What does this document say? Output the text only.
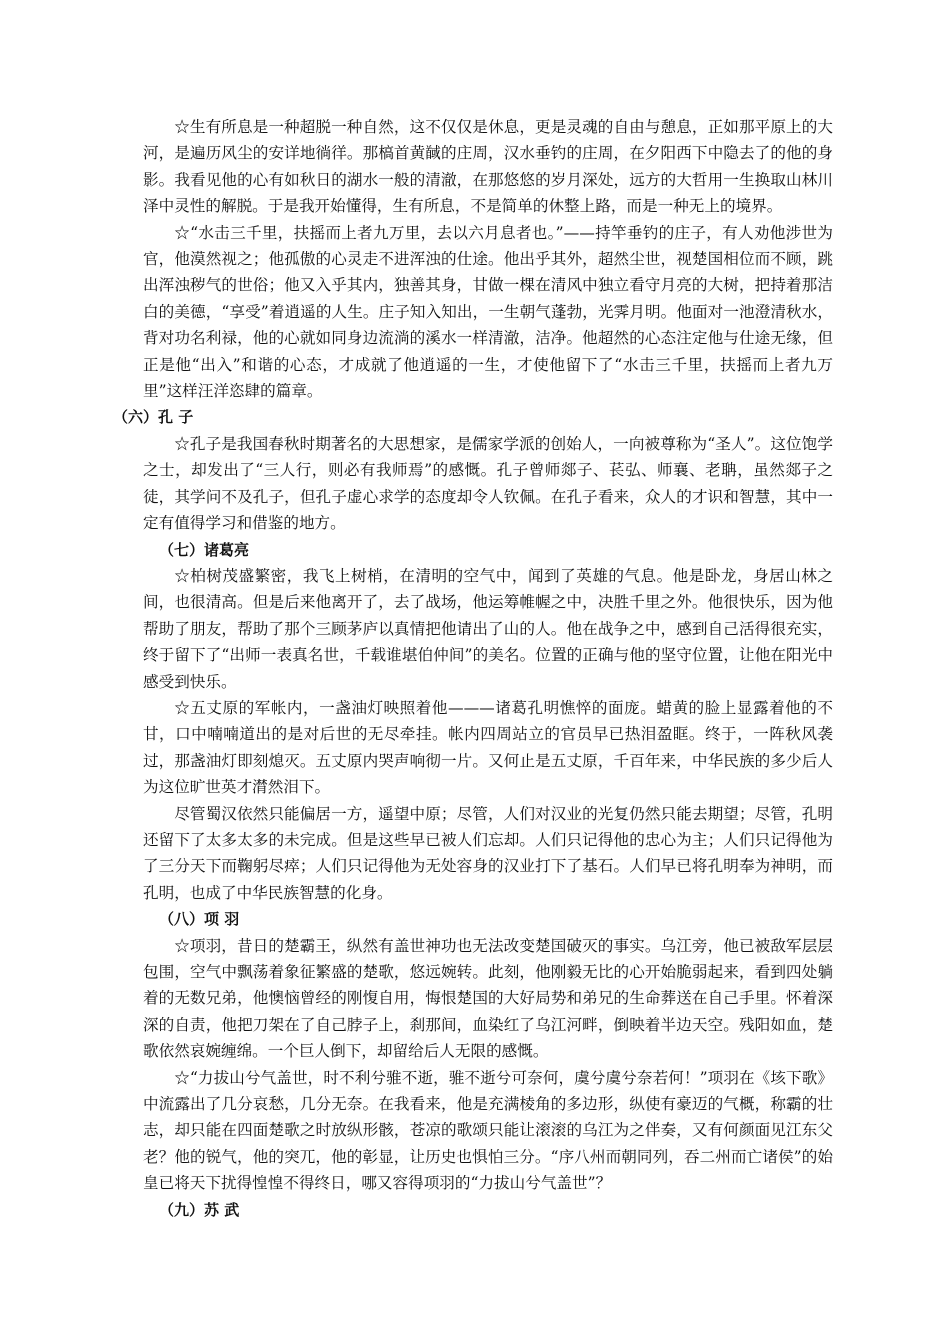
☆生有所息是一种超脱一种自然，这不仅仅是休息，更是灵魂的自由与憩息，正如那平原上的大河，是遍历风尘的安详地徜徉。那槁首黄馘的庄周，汉水垂钓的庄周，在夕阳西下中隐去了的他的身影。我看见他的心有如秋日的湖水一般的清澈，在那悠悠的岁月深处，远方的大哲用一生换取山林川泽中灵性的解脱。于是我开始懂得，生有所息，不是简单的休整上路，而是一种无上的境界。

☆“水击三千里，扶摇而上者九万里，去以六月息者也。”——持竿垂钓的庄子，有人劝他涉世为官，他漠然视之；他孤傲的心灵走不进浑浊的仕途。他出乎其外，超然尘世，视楚国相位而不顾，跳出浑浊秽气的世俗；他又入乎其内，独善其身，甘做一棵在清风中独立看守月亮的大树，把持着那洁白的美德，“享受”着逍遥的人生。庄子知入知出，一生朝气蓬勃，光霁月明。他面对一池澄清秋水，背对功名利禄，他的心就如同身边流淌的溪水一样清澈，洁净。他超然的心态注定他与仕途无缘，但正是他“出入”和谐的心态，才成就了他逍遥的一生，才使他留下了“水击三千里，扶摇而上者九万里”这样汪洋恣肆的篇章。

（六）孔 子

☆孔子是我国春秋时期著名的大思想家，是儒家学派的创始人，一向被尊称为“圣人”。这位饱学之士，却发出了“三人行，则必有我师焉”的感慨。孔子曾师郯子、苌弘、师襄、老聃，虽然郯子之徒，其学问不及孔子，但孔子虚心求学的态度却令人钦佩。在孔子看来，众人的才识和智慧，其中一定有值得学习和借鉴的地方。

（七）诸葛亮

☆柏树茂盛繁密，我飞上树梢，在清明的空气中，闻到了英雄的气息。他是卧龙，身居山林之间，也很清高。但是后来他离开了，去了战场，他运筹帷幄之中，决胜千里之外。他很快乐，因为他帮助了朋友，帮助了那个三顾茅庐以真情把他请出了山的人。他在战争之中，感到自己活得很充实，终于留下了“出师一表真名世，千载谁堪伯仲间”的美名。位置的正确与他的坚守位置，让他在阳光中感受到快乐。

☆五丈原的军帐内，一盏油灯映照着他———诸葛孔明憔悴的面庞。蜡黄的脸上显露着他的不甘，口中喃喃道出的是对后世的无尽牵挂。帐内四周站立的官员早已热泪盈眶。终于，一阵秋风袭过，那盏油灯即刻熄灭。五丈原内哭声响彻一片。又何止是五丈原，千百年来，中华民族的多少后人为这位旷世英才潸然泪下。

尽管蜀汉依然只能偏居一方，遥望中原；尽管，人们对汉业的光复仍然只能去期望；尽管，孔明还留下了太多太多的未完成。但是这些早已被人们忘却。人们只记得他的忠心为主；人们只记得他为了三分天下而鞠躬尽瘁；人们只记得他为无处容身的汉业打下了基石。人们早已将孔明奉为神明，而孔明，也成了中华民族智慧的化身。

（八）项 羽

☆项羽，昔日的楚霸王，纵然有盖世神功也无法改变楚国破灭的事实。乌江旁，他已被敌军层层包围，空气中飘荡着象征繁盛的楚歌，悠远婉转。此刻，他刚毅无比的心开始脆弱起来，看到四处躺着的无数兄弟，他懊恼曾经的刚愎自用，悔恨楚国的大好局势和弟兄的生命葬送在自己手里。怀着深深的自责，他把刀架在了自己脖子上，刹那间，血染红了乌江河畔，倒映着半边天空。残阳如血，楚歌依然哀婉缠绵。一个巨人倒下，却留给后人无限的感慨。

☆“力拔山兮气盖世，时不利兮骓不逝，骓不逝兮可奈何，虞兮虞兮奈若何！”项羽在《垓下歌》中流露出了几分哀愁，几分无奈。在我看来，他是充满棱角的多边形，纵使有豪迈的气概，称霸的壮志，却只能在四面楚歌之时放纵形骸，苍凉的歌颂只能让滚滚的乌江为之伴奏，又有何颜面见江东父老？他的锐气，他的突兀，他的彰显，让历史也惧怕三分。“序八州而朝同列，吞二州而亡诸侯”的始皇已将天下扰得惶惶不得终日，哪又容得项羽的“力拔山兮气盖世”？

（九）苏 武
